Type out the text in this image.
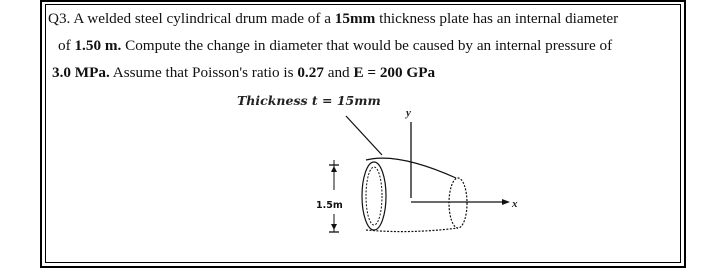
Q3. A welded steel cylindrical drum made of a 15mm thickness plate has an internal diameter
of 1.50 m. Compute the change in diameter that would be caused by an internal pressure of
3.0 MPa. Assume that Poisson's ratio is 0.27 and E = 200 GPa
Thickness t = 15mm
y
x
1.5m
